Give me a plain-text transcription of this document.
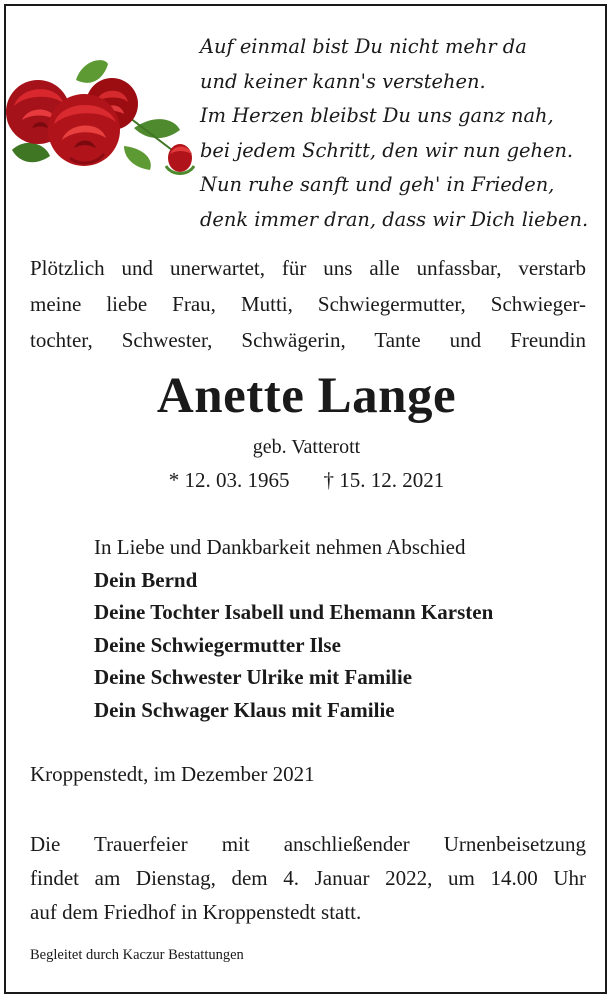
Auf einmal bist Du nicht mehr da
und keiner kann's verstehen.
Im Herzen bleibst Du uns ganz nah,
bei jedem Schritt, den wir nun gehen.
Nun ruhe sanft und geh' in Frieden,
denk immer dran, dass wir Dich lieben.
Plötzlich und unerwartet, für uns alle unfassbar, verstarb
meine liebe Frau, Mutti, Schwiegermutter, Schwieger-
tochter, Schwester, Schwägerin, Tante und Freundin
Anette Lange
geb. Vatterott
* 12. 03. 1965 † 15. 12. 2021
In Liebe und Dankbarkeit nehmen Abschied
Dein Bernd
Deine Tochter Isabell und Ehemann Karsten
Deine Schwiegermutter Ilse
Deine Schwester Ulrike mit Familie
Dein Schwager Klaus mit Familie
Kroppenstedt, im Dezember 2021
Die Trauerfeier mit anschließender Urnenbeisetzung
findet am Dienstag, dem 4. Januar 2022, um 14.00 Uhr
auf dem Friedhof in Kroppenstedt statt.
Begleitet durch Kaczur Bestattungen
